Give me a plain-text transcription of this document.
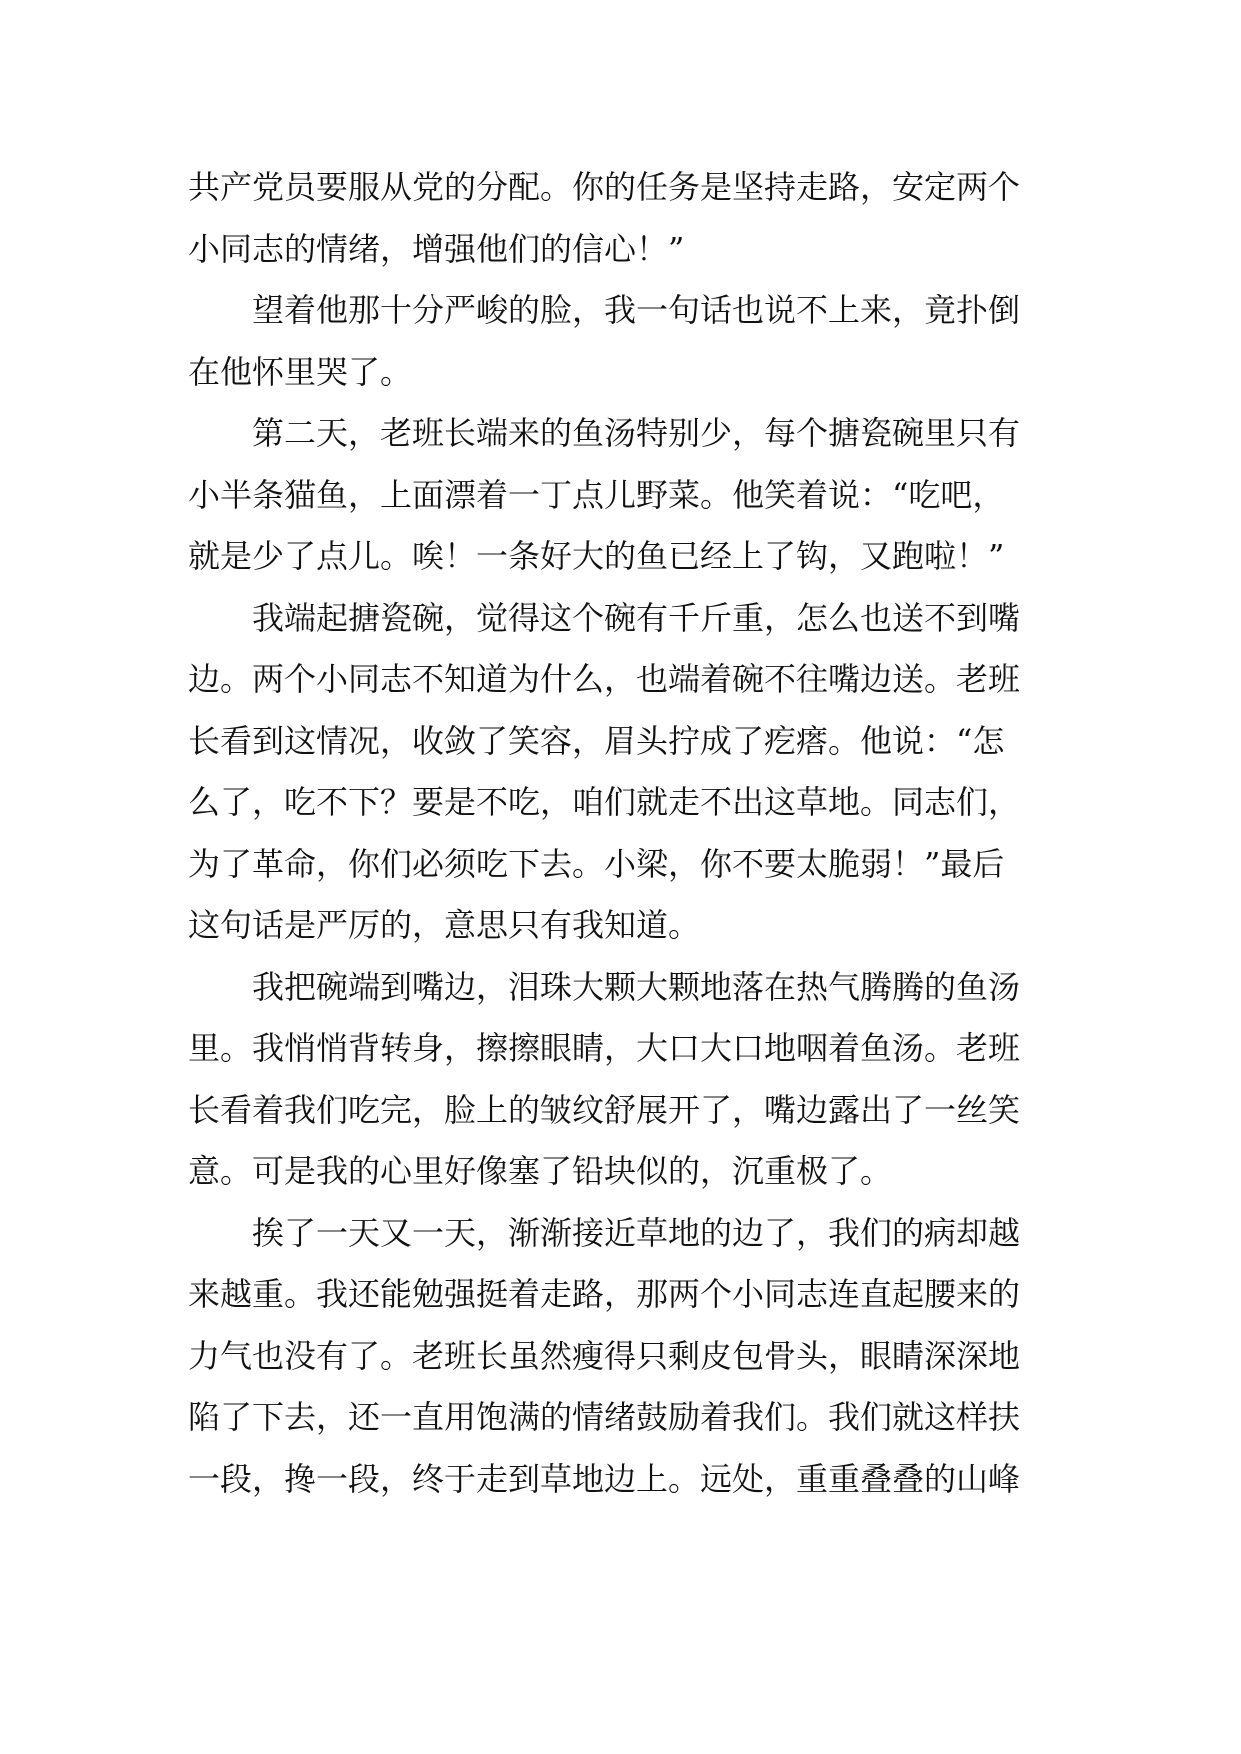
共产党员要服从党的分配。你的任务是坚持走路，安定两个
小同志的情绪，增强他们的信心！”
望着他那十分严峻的脸，我一句话也说不上来，竟扑倒
在他怀里哭了。
第二天，老班长端来的鱼汤特别少，每个搪瓷碗里只有
小半条猫鱼，上面漂着一丁点儿野菜。他笑着说：“吃吧，
就是少了点儿。唉！一条好大的鱼已经上了钩，又跑啦！”
我端起搪瓷碗，觉得这个碗有千斤重，怎么也送不到嘴
边。两个小同志不知道为什么，也端着碗不往嘴边送。老班
长看到这情况，收敛了笑容，眉头拧成了疙瘩。他说：“怎
么了，吃不下？要是不吃，咱们就走不出这草地。同志们，
为了革命，你们必须吃下去。小梁，你不要太脆弱！”最后
这句话是严厉的，意思只有我知道。
我把碗端到嘴边，泪珠大颗大颗地落在热气腾腾的鱼汤
里。我悄悄背转身，擦擦眼睛，大口大口地咽着鱼汤。老班
长看着我们吃完，脸上的皱纹舒展开了，嘴边露出了一丝笑
意。可是我的心里好像塞了铅块似的，沉重极了。
挨了一天又一天，渐渐接近草地的边了，我们的病却越
来越重。我还能勉强挺着走路，那两个小同志连直起腰来的
力气也没有了。老班长虽然瘦得只剩皮包骨头，眼睛深深地
陷了下去，还一直用饱满的情绪鼓励着我们。我们就这样扶
一段，搀一段，终于走到草地边上。远处，重重叠叠的山峰
